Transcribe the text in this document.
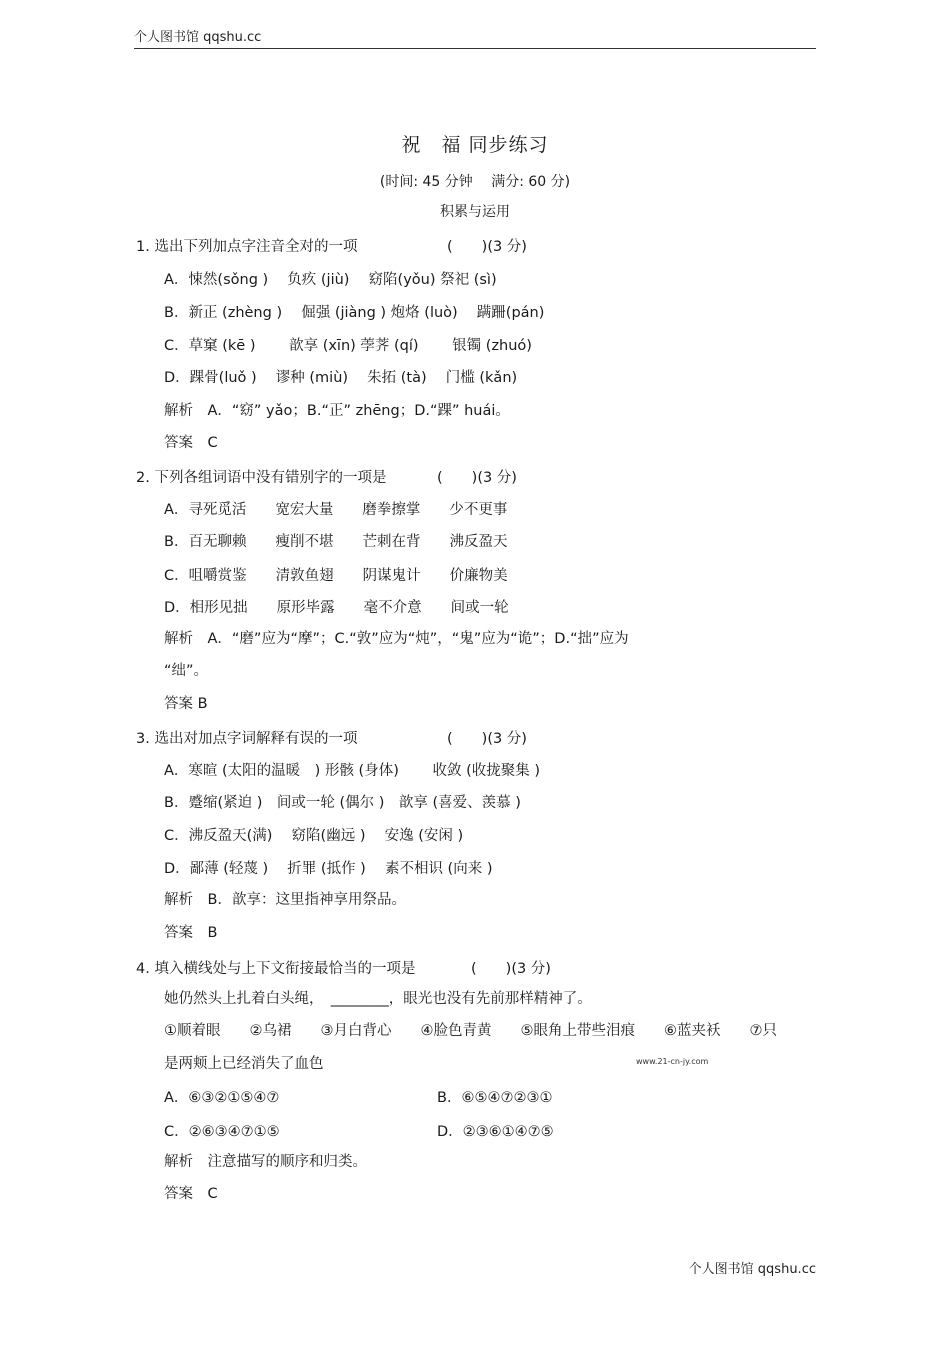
个人图书馆 qqshu.cc
祝　福 同步练习
(时间: 45 分钟　 满分: 60 分)
积累与运用
1. 选出下列加点字注音全对的一项	(　　)(3 分)
A．悚然(sǒng )　 负疚 (jiù)　 窈陷(yǒu) 祭祀 (sì)
B．新正 (zhèng )　 倔强 (jiàng ) 炮烙 (luò)　 蹒跚(pán)
C．草窠 (kē )　　 歆享 (xīn) 荸荠 (qí)　　 银镯 (zhuó)
D．踝骨(luǒ )　 谬种 (miù)　 朱拓 (tà)　 门槛 (kǎn)
解析　A．“窈” yǎo；B.“正” zhēng；D.“踝” huái。
答案　C
2. 下列各组词语中没有错别字的一项是	(　　)(3 分)
A．寻死觅活　　宽宏大量　　磨拳擦掌　　少不更事
B．百无聊赖　　瘦削不堪　　芒刺在背　　沸反盈天
C．咀嚼赏鉴　　清敦鱼翅　　阴谋鬼计　　价廉物美
D．相形见拙　　原形毕露　　毫不介意　　间或一轮
解析　A．“磨”应为“摩”；C.“敦”应为“炖”，“鬼”应为“诡”；D.“拙”应为
“绌”。
答案 B
3. 选出对加点字词解释有误的一项	(　　)(3 分)
A．寒暄 (太阳的温暖　) 形骸 (身体)　　 收敛 (收拢聚集 )
B．蹙缩(紧迫 )　间或一轮 (偶尔 )　歆享 (喜爱、羡慕 )
C．沸反盈天(满)　 窈陷(幽远 )　 安逸 (安闲 )
D．鄙薄 (轻蔑 )　 折罪 (抵作 )　 素不相识 (向来 )
解析　B．歆享：这里指神享用祭品。
答案　B
4. 填入横线处与上下文衔接最恰当的一项是	(　　)(3 分)
她仍然头上扎着白头绳，　________，眼光也没有先前那样精神了。
①顺着眼　　②乌裙　　③月白背心　　④脸色青黄　　⑤眼角上带些泪痕　　⑥蓝夹袄　　⑦只
是两颊上已经消失了血色	www.21-cn-jy.com
A．⑥③②①⑤④⑦	B．⑥⑤④⑦②③①
C．②⑥③④⑦①⑤	D．②③⑥①④⑦⑤
解析　注意描写的顺序和归类。
答案　C
个人图书馆 qqshu.cc
